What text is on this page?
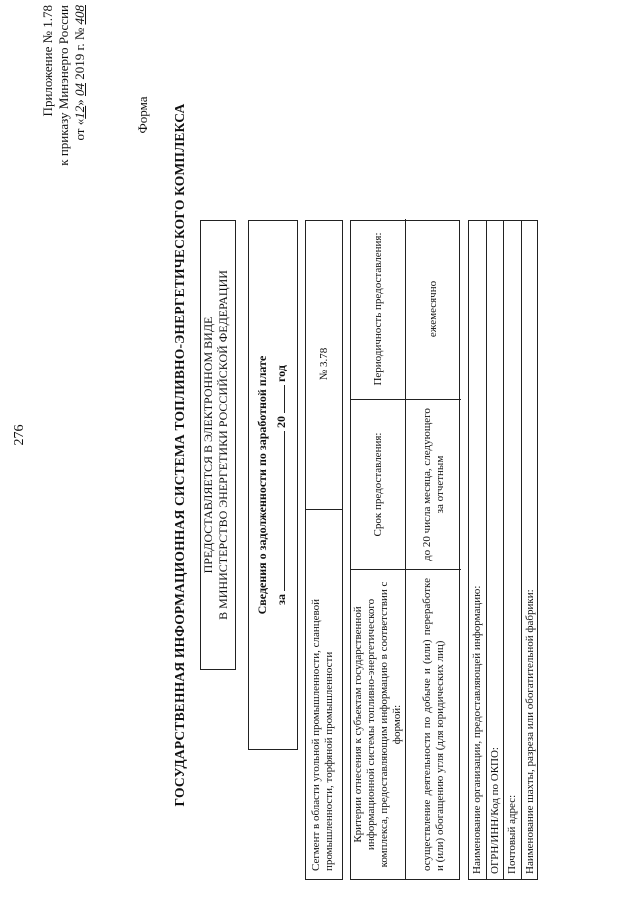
276
Приложение № 1.78 к приказу Минэнерго России от «12» 04 2019 г. № 408
Форма ГОСУДАРСТВЕННАЯ ИНФОРМАЦИОННАЯ СИСТЕМА ТОПЛИВНО-ЭНЕРГЕТИЧЕСКОГО КОМПЛЕКСА ПРЕДОСТАВЛЯЕТСЯ В ЭЛЕКТРОННОМ ВИДЕ В МИНИСТЕРСТВО ЭНЕРГЕТИКИ РОССИЙСКОЙ ФЕДЕРАЦИИ Сведения о задолженности по заработной плате за  20  год
Сегмент в области угольной промышленности, сланцевой промышленности, торфяной промышленности
№ 3.78
Критерии отнесения к субъектам государственной информационной системы топливно-энергетического комплекса, предоставляющим информацию в соответствии с формой:	осуществление деятельности по добыче и (или) переработке и (или) обогащению угля (для юридических лиц)
Срок предоставления:	до 20 числа месяца, следующего за отчетным
Периодичность предоставления:	ежемесячно
Наименование организации, предоставляющей информацию: ОГРН/ИНН/Код по ОКПО: Почтовый адрес: Наименование шахты, разреза или обогатительной фабрики:
